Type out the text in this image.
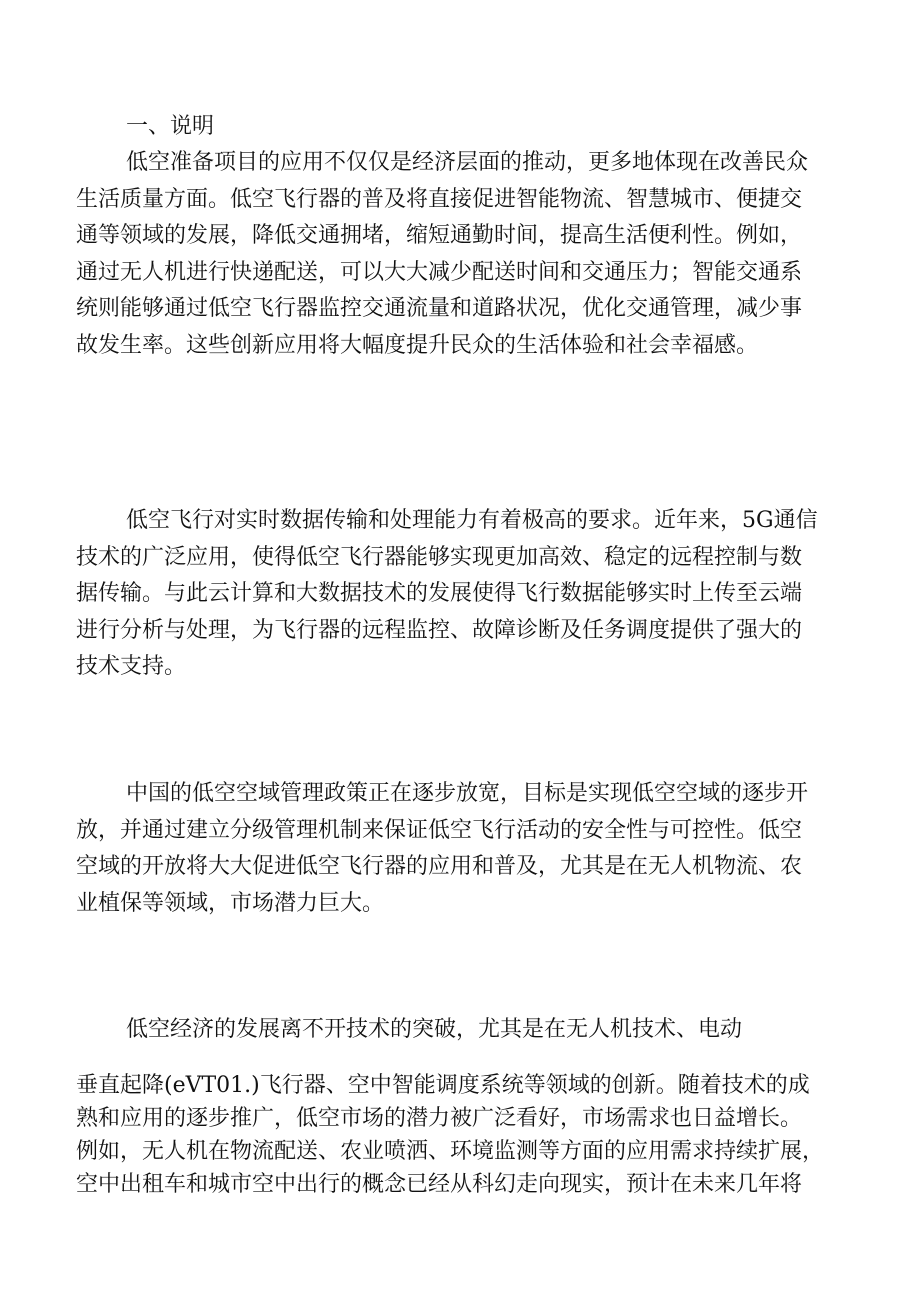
一、说明
低空准备项目的应用不仅仅是经济层面的推动，更多地体现在改善民众
生活质量方面。低空飞行器的普及将直接促进智能物流、智慧城市、便捷交
通等领域的发展，降低交通拥堵，缩短通勤时间，提高生活便利性。例如，
通过无人机进行快递配送，可以大大减少配送时间和交通压力；智能交通系
统则能够通过低空飞行器监控交通流量和道路状况，优化交通管理，减少事
故发生率。这些创新应用将大幅度提升民众的生活体验和社会幸福感。
低空飞行对实时数据传输和处理能力有着极高的要求。近年来，5G通信
技术的广泛应用，使得低空飞行器能够实现更加高效、稳定的远程控制与数
据传输。与此云计算和大数据技术的发展使得飞行数据能够实时上传至云端
进行分析与处理，为飞行器的远程监控、故障诊断及任务调度提供了强大的
技术支持。
中国的低空空域管理政策正在逐步放宽，目标是实现低空空域的逐步开
放，并通过建立分级管理机制来保证低空飞行活动的安全性与可控性。低空
空域的开放将大大促进低空飞行器的应用和普及，尤其是在无人机物流、农
业植保等领域，市场潜力巨大。
低空经济的发展离不开技术的突破，尤其是在无人机技术、电动
垂直起降(eVT01.)飞行器、空中智能调度系统等领域的创新。随着技术的成
熟和应用的逐步推广，低空市场的潜力被广泛看好，市场需求也日益增长。
例如，无人机在物流配送、农业喷洒、环境监测等方面的应用需求持续扩展，
空中出租车和城市空中出行的概念已经从科幻走向现实，预计在未来几年将
